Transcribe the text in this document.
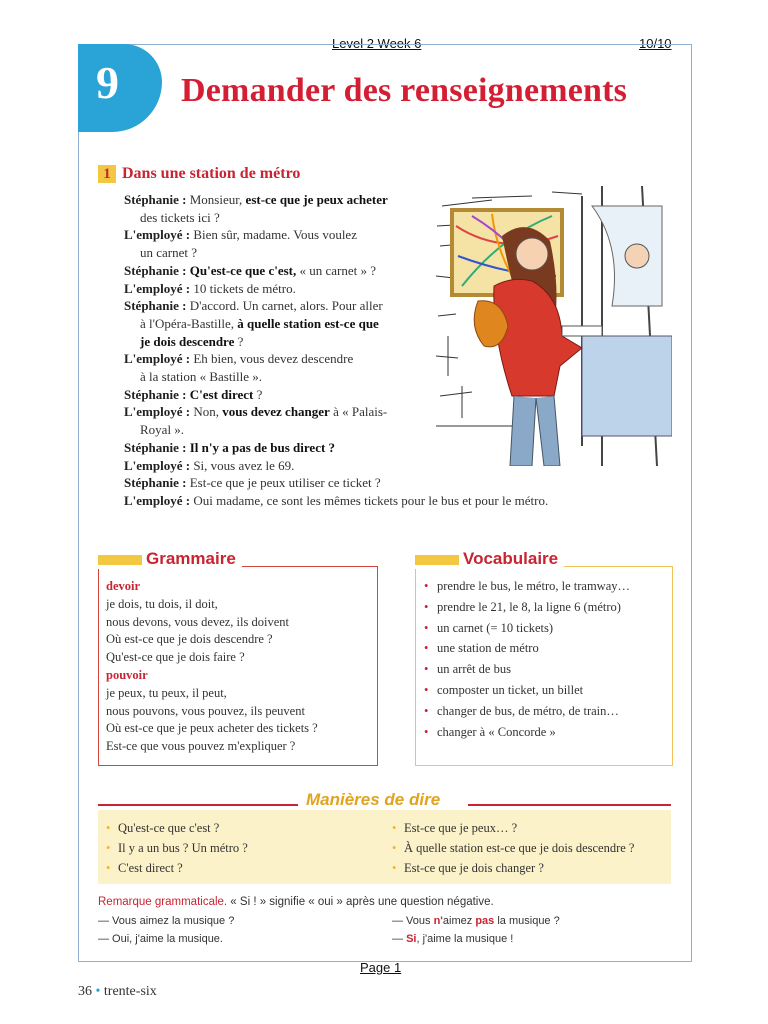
Level 2 Week 6	10/10
9 Demander des renseignements
1 Dans une station de métro
Stéphanie : Monsieur, est-ce que je peux acheter
des tickets ici ?
L'employé : Bien sûr, madame. Vous voulez
un carnet ?
Stéphanie : Qu'est-ce que c'est, « un carnet » ?
L'employé : 10 tickets de métro.
Stéphanie : D'accord. Un carnet, alors. Pour aller
à l'Opéra-Bastille, à quelle station est-ce que
je dois descendre ?
L'employé : Eh bien, vous devez descendre
à la station « Bastille ».
Stéphanie : C'est direct ?
L'employé : Non, vous devez changer à « Palais-
Royal ».
Stéphanie : Il n'y a pas de bus direct ?
L'employé : Si, vous avez le 69.
Stéphanie : Est-ce que je peux utiliser ce ticket ?
L'employé : Oui madame, ce sont les mêmes tickets pour le bus et pour le métro.
Grammaire
devoir
je dois, tu dois, il doit,
nous devons, vous devez, ils doivent
Où est-ce que je dois descendre ?
Qu'est-ce que je dois faire ?
pouvoir
je peux, tu peux, il peut,
nous pouvons, vous pouvez, ils peuvent
Où est-ce que je peux acheter des tickets ?
Est-ce que vous pouvez m'expliquer ?
Vocabulaire
• prendre le bus, le métro, le tramway…
• prendre le 21, le 8, la ligne 6 (métro)
• un carnet (= 10 tickets)
• une station de métro
• un arrêt de bus
• composter un ticket, un billet
• changer de bus, de métro, de train…
• changer à « Concorde »
Manières de dire
• Qu'est-ce que c'est ?
• Il y a un bus ? Un métro ?
• C'est direct ?
• Est-ce que je peux… ?
• À quelle station est-ce que je dois descendre ?
• Est-ce que je dois changer ?
Remarque grammaticale. « Si ! » signifie « oui » après une question négative.
— Vous aimez la musique ?
— Oui, j'aime la musique.
— Vous n'aimez pas la musique ?
— Si, j'aime la musique !
Page 1
36 • trente-six
